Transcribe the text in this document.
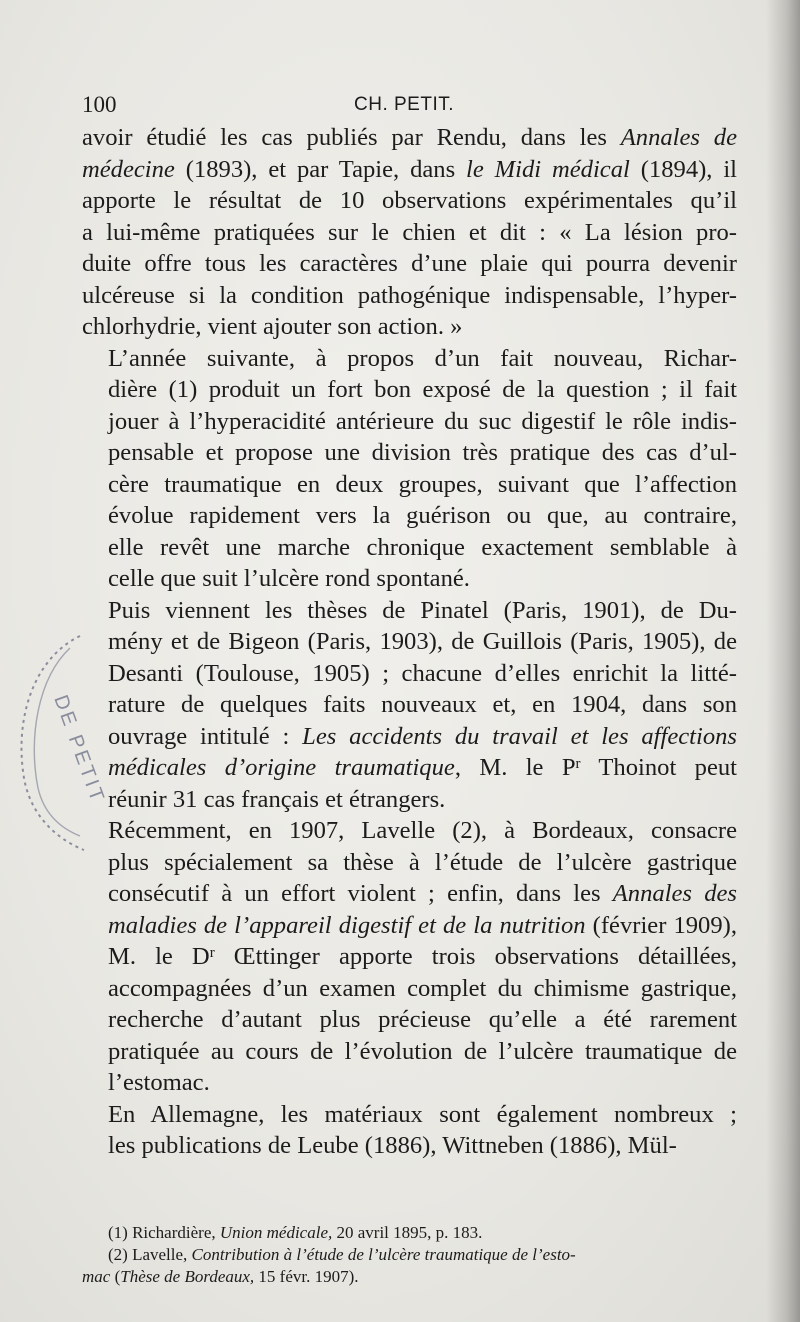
100	CH. PETIT.

avoir étudié les cas publiés par Rendu, dans les Annales de
médecine (1893), et par Tapie, dans le Midi médical (1894), il
apporte le résultat de 10 observations expérimentales qu’il
a lui-même pratiquées sur le chien et dit : « La lésion pro-
duite offre tous les caractères d’une plaie qui pourra devenir
ulcéreuse si la condition pathogénique indispensable, l’hyper-
chlorhydrie, vient ajouter son action. »

L’année suivante, à propos d’un fait nouveau, Richar-
dière (1) produit un fort bon exposé de la question ; il fait
jouer à l’hyperacidité antérieure du suc digestif le rôle indis-
pensable et propose une division très pratique des cas d’ul-
cère traumatique en deux groupes, suivant que l’affection
évolue rapidement vers la guérison ou que, au contraire,
elle revêt une marche chronique exactement semblable à
celle que suit l’ulcère rond spontané.

Puis viennent les thèses de Pinatel (Paris, 1901), de Du-
mény et de Bigeon (Paris, 1903), de Guillois (Paris, 1905), de
Desanti (Toulouse, 1905) ; chacune d’elles enrichit la litté-
rature de quelques faits nouveaux et, en 1904, dans son
ouvrage intitulé : Les accidents du travail et les affections
médicales d’origine traumatique, M. le $P^r$ Thoinot peut
réunir 31 cas français et étrangers.

Récemment, en 1907, Lavelle (2), à Bordeaux, consacre
plus spécialement sa thèse à l’étude de l’ulcère gastrique
consécutif à un effort violent ; enfin, dans les Annales des
maladies de l’appareil digestif et de la nutrition (février 1909),
M. le $D^r$ Œttinger apporte trois observations détaillées,
accompagnées d’un examen complet du chimisme gastrique,
recherche d’autant plus précieuse qu’elle a été rarement
pratiquée au cours de l’évolution de l’ulcère traumatique de
l’estomac.

En Allemagne, les matériaux sont également nombreux ;
les publications de Leube (1886), Wittneben (1886), Mül-

DE PETIT
(1) Richardière, Union médicale, 20 avril 1895, p. 183.
(2) Lavelle, Contribution à l’étude de l’ulcère traumatique de l’esto-
mac (Thèse de Bordeaux, 15 févr. 1907).
